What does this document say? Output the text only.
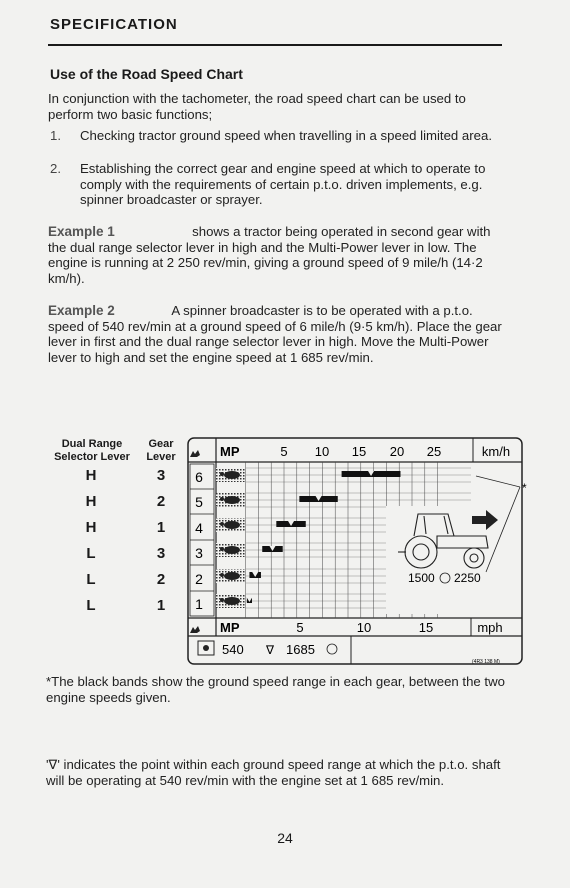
SPECIFICATION
Use of the Road Speed Chart
In conjunction with the tachometer, the road speed chart can be used to perform two basic functions;
1. Checking tractor ground speed when travelling in a speed limited area.
2. Establishing the correct gear and engine speed at which to operate to comply with the requirements of certain p.t.o. driven implements, e.g. spinner broadcaster or sprayer.
Example 1	shows a tractor being operated in second gear with the dual range selector lever in high and the Multi-Power lever in low. The engine is running at 2 250 rev/min, giving a ground speed of 9 mile/h (14·2 km/h).
Example 2	A spinner broadcaster is to be operated with a p.t.o. speed of 540 rev/min at a ground speed of 6 mile/h (9·5 km/h). Place the gear lever in first and the dual range selector lever in high. Move the Multi-Power lever to high and set the engine speed at 1 685 rev/min.
Dual Range
Selector Lever
Gear
Lever
H	3
H	2
H	1
L	3
L	2
L	1
6
5
4
3
2
1
MP	5 10 15 20 25	km/h
MP	5	10	15	mph
540 ∇ 1685
1500 2250
*
(4R3 138 M)
*The black bands show the ground speed range in each gear, between the two engine speeds given.
'∇' indicates the point within each ground speed range at which the p.t.o. shaft will be operating at 540 rev/min with the engine set at 1 685 rev/min.
24
